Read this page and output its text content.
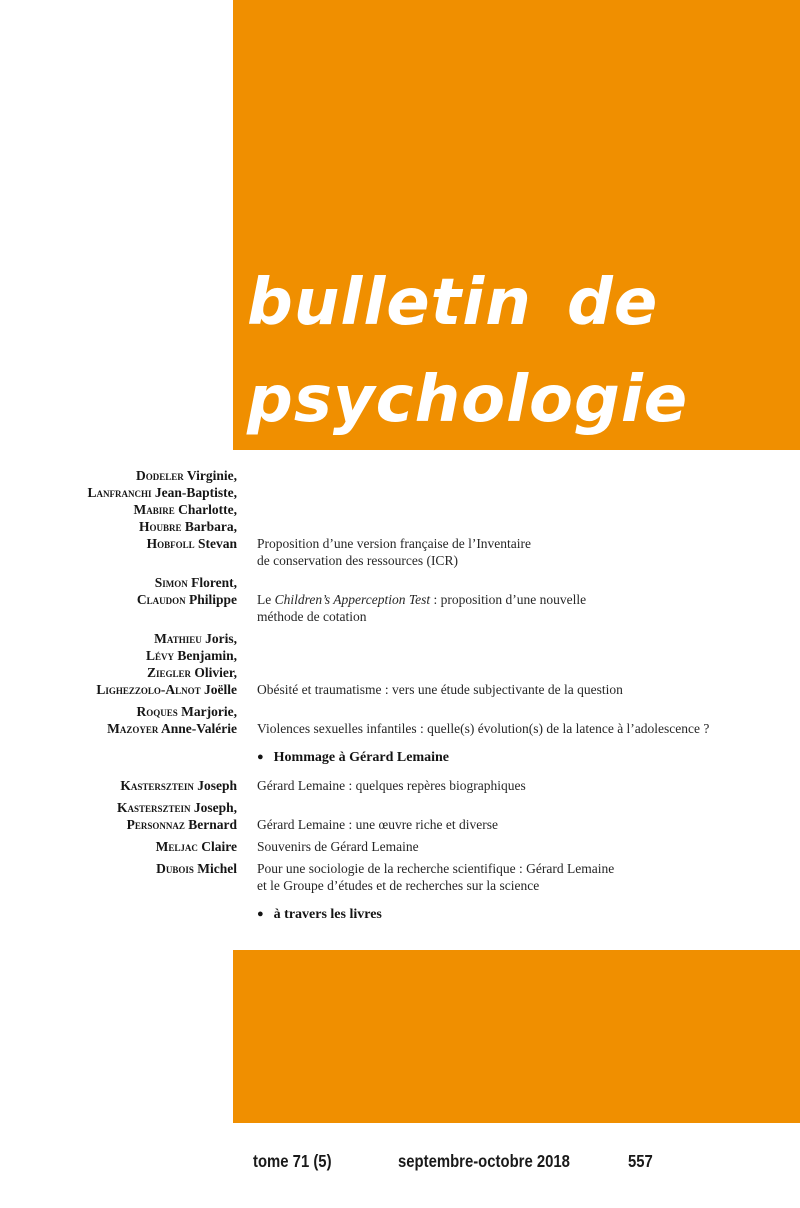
bulletin de
psychologie
Dodeler Virginie,
Lanfranchi Jean-Baptiste,
Mabire Charlotte,
Houbre Barbara,
Hobfoll Stevan Proposition d’une version française de l’Inventaire
de conservation des ressources (ICR)
Simon Florent,
Claudon Philippe Le Children’s Apperception Test : proposition d’une nouvelle
méthode de cotation
Mathieu Joris,
Lévy Benjamin,
Ziegler Olivier,
Lighezzolo-Alnot Joëlle Obésité et traumatisme : vers une étude subjectivante de la question
Roques Marjorie,
Mazoyer Anne-Valérie Violences sexuelles infantiles : quelle(s) évolution(s) de la latence à l’adolescence ?
● Hommage à Gérard Lemaine
Kastersztein Joseph Gérard Lemaine : quelques repères biographiques
Kastersztein Joseph,
Personnaz Bernard Gérard Lemaine : une œuvre riche et diverse
Meljac Claire Souvenirs de Gérard Lemaine
Dubois Michel Pour une sociologie de la recherche scientifique : Gérard Lemaine
et le Groupe d’études et de recherches sur la science
● à travers les livres
tome 71 (5)	septembre-octobre 2018	557
